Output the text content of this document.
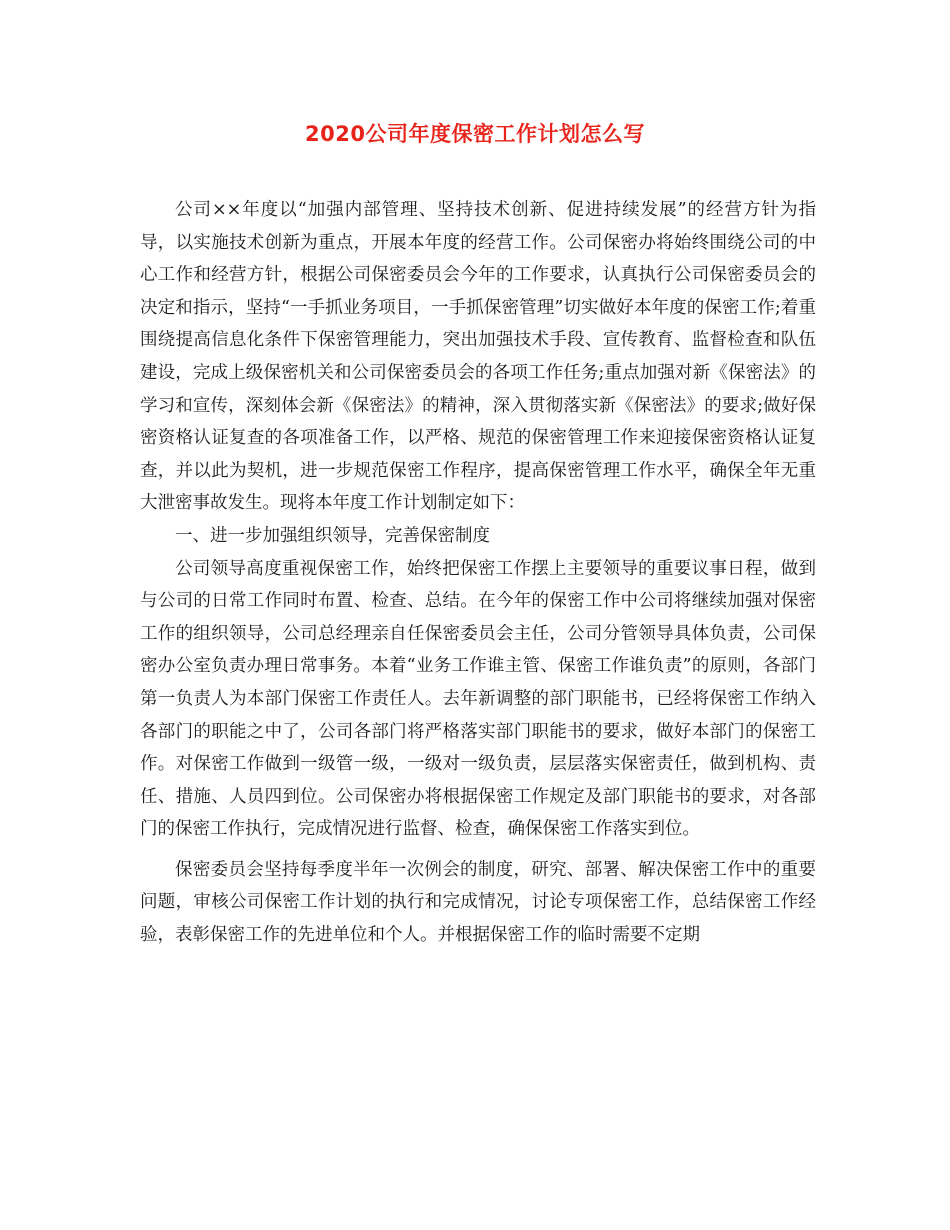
2020公司年度保密工作计划怎么写

公司××年度以“加强内部管理、坚持技术创新、促进持续发展”的经营方针为指导，以实施技术创新为重点，开展本年度的经营工作。公司保密办将始终围绕公司的中心工作和经营方针，根据公司保密委员会今年的工作要求，认真执行公司保密委员会的决定和指示，坚持“一手抓业务项目，一手抓保密管理”切实做好本年度的保密工作;着重围绕提高信息化条件下保密管理能力，突出加强技术手段、宣传教育、监督检查和队伍建设，完成上级保密机关和公司保密委员会的各项工作任务;重点加强对新《保密法》的学习和宣传，深刻体会新《保密法》的精神，深入贯彻落实新《保密法》的要求;做好保密资格认证复查的各项准备工作，以严格、规范的保密管理工作来迎接保密资格认证复查，并以此为契机，进一步规范保密工作程序，提高保密管理工作水平，确保全年无重大泄密事故发生。现将本年度工作计划制定如下：

一、进一步加强组织领导，完善保密制度

公司领导高度重视保密工作，始终把保密工作摆上主要领导的重要议事日程，做到与公司的日常工作同时布置、检查、总结。在今年的保密工作中公司将继续加强对保密工作的组织领导，公司总经理亲自任保密委员会主任，公司分管领导具体负责，公司保密办公室负责办理日常事务。本着“业务工作谁主管、保密工作谁负责”的原则，各部门第一负责人为本部门保密工作责任人。去年新调整的部门职能书，已经将保密工作纳入各部门的职能之中了，公司各部门将严格落实部门职能书的要求，做好本部门的保密工作。对保密工作做到一级管一级，一级对一级负责，层层落实保密责任，做到机构、责任、措施、人员四到位。公司保密办将根据保密工作规定及部门职能书的要求，对各部门的保密工作执行，完成情况进行监督、检查，确保保密工作落实到位。

保密委员会坚持每季度半年一次例会的制度，研究、部署、解决保密工作中的重要问题，审核公司保密工作计划的执行和完成情况，讨论专项保密工作，总结保密工作经验，表彰保密工作的先进单位和个人。并根据保密工作的临时需要不定期
